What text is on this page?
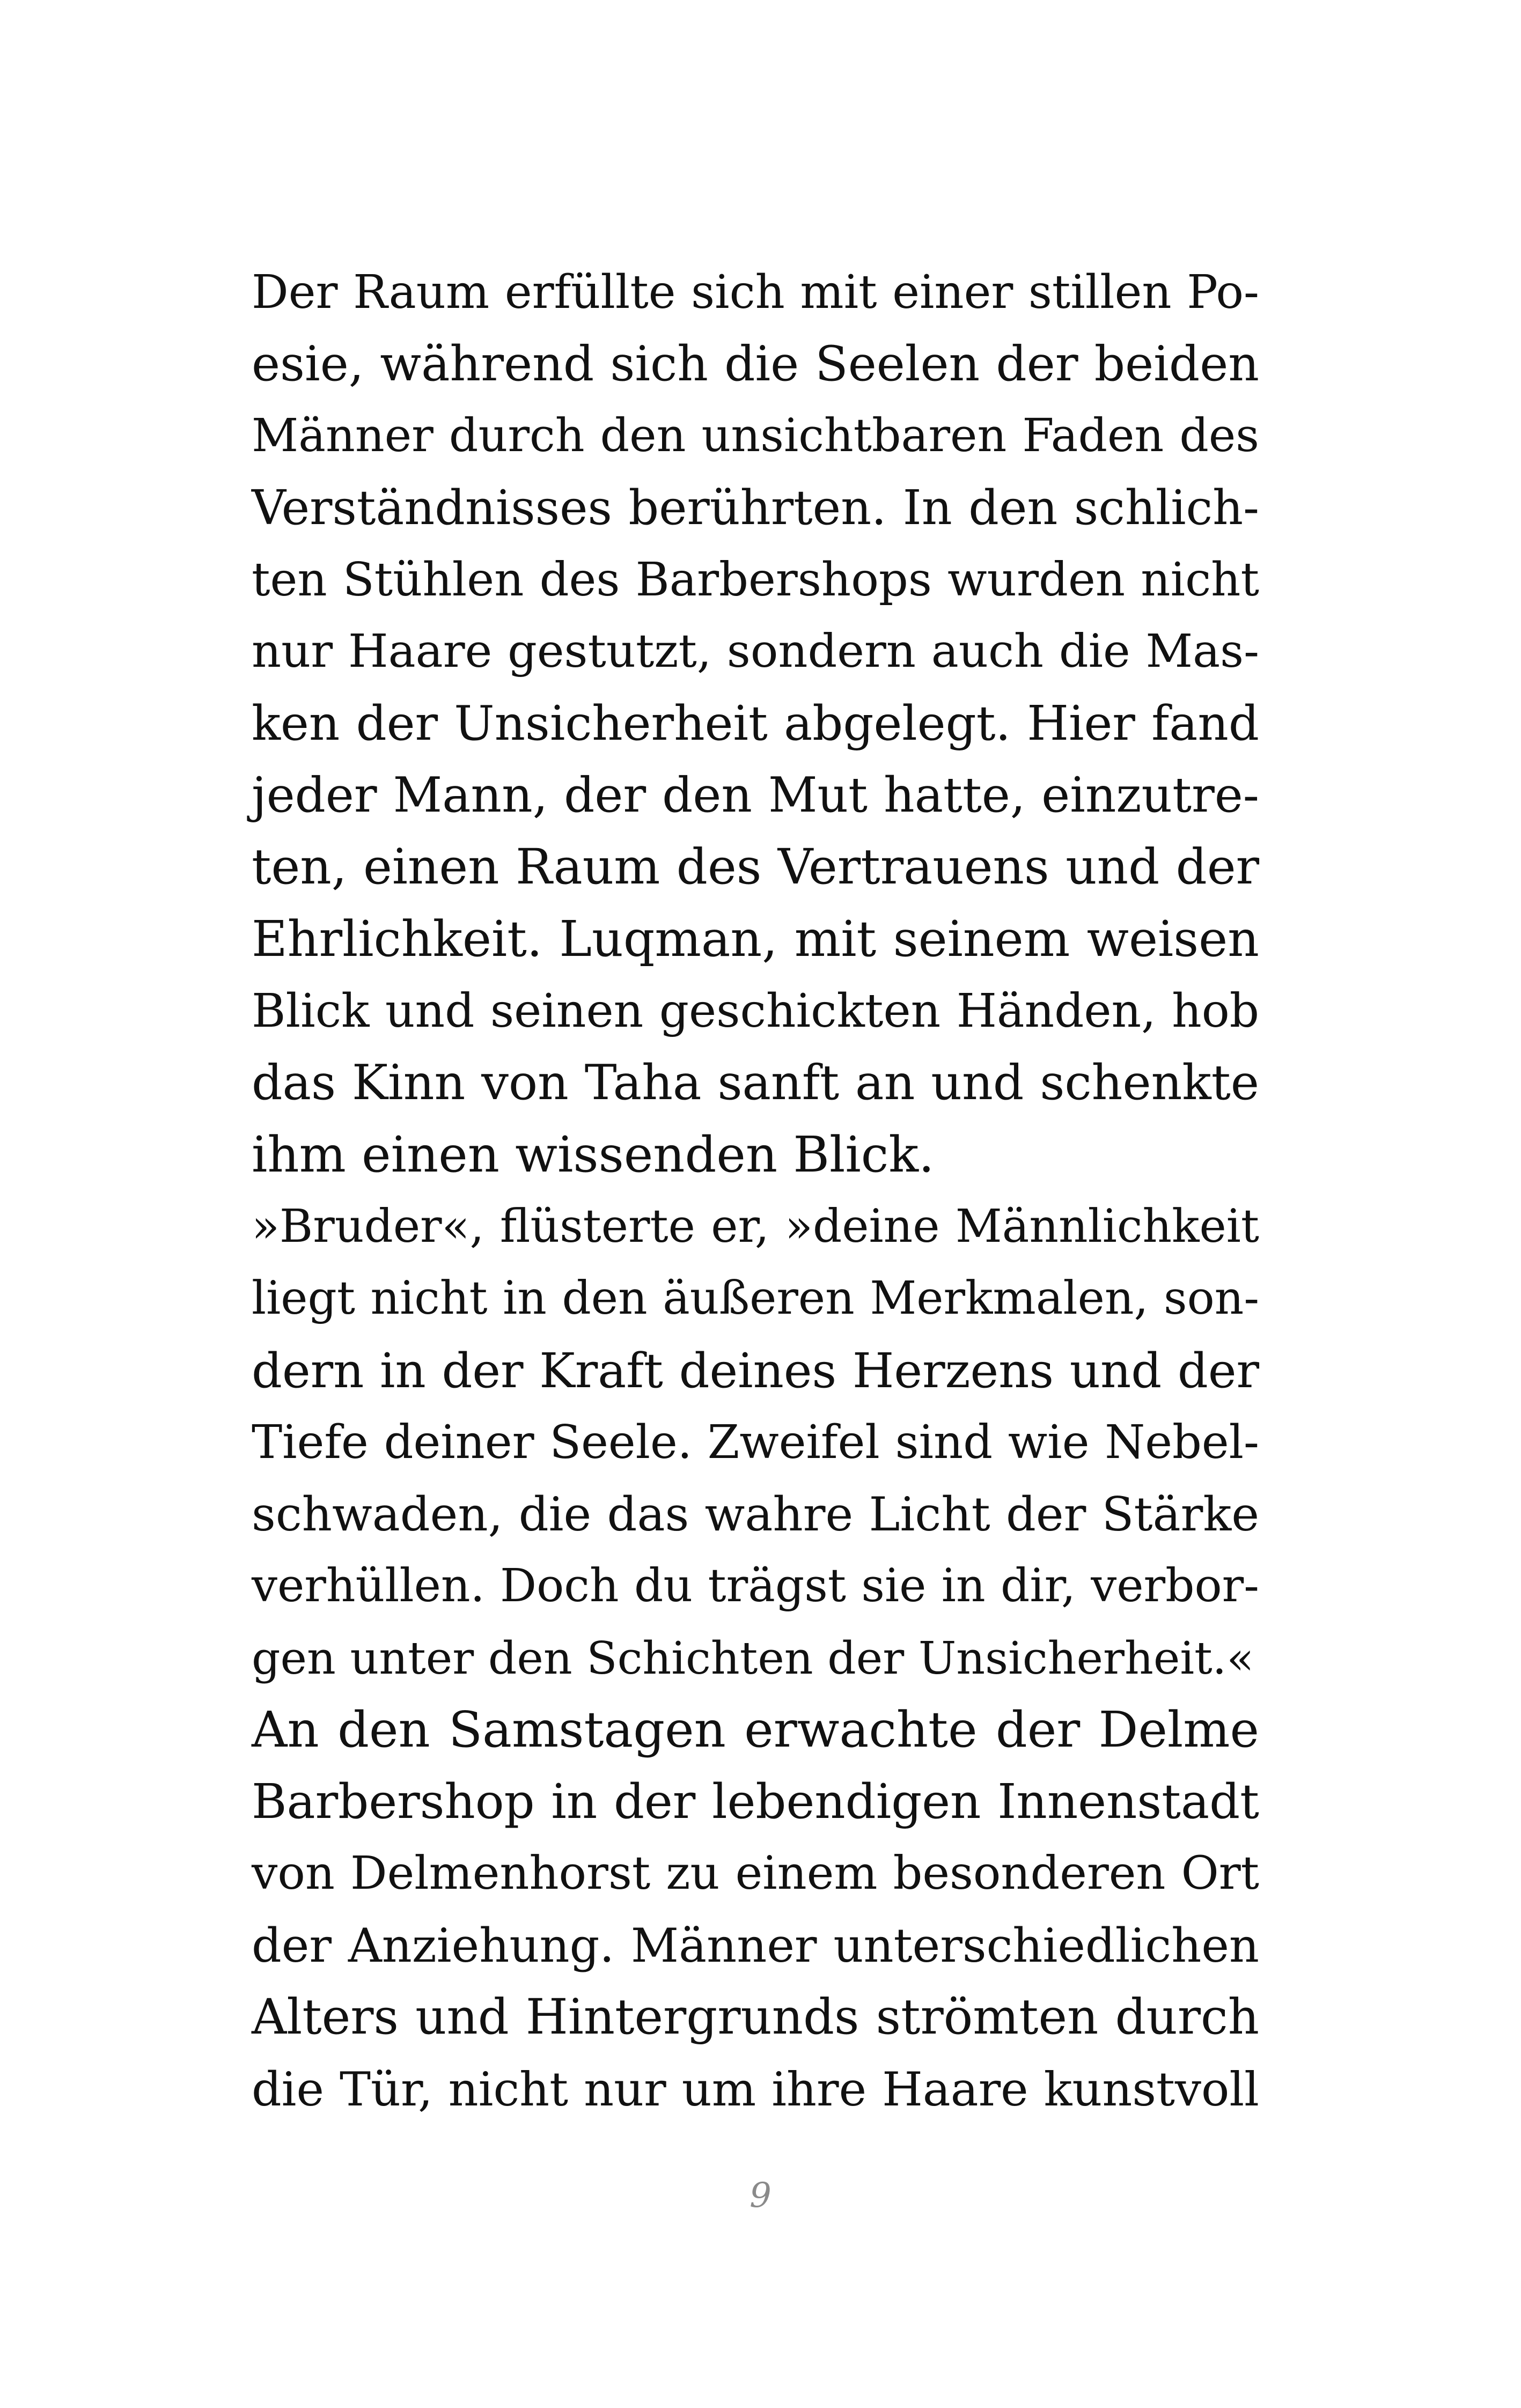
Der Raum erfüllte sich mit einer stillen Po-
esie, während sich die Seelen der beiden
Männer durch den unsichtbaren Faden des
Verständnisses berührten. In den schlich-
ten Stühlen des Barbershops wurden nicht
nur Haare gestutzt, sondern auch die Mas-
ken der Unsicherheit abgelegt. Hier fand
jeder Mann, der den Mut hatte, einzutre-
ten, einen Raum des Vertrauens und der
Ehrlichkeit. Luqman, mit seinem weisen
Blick und seinen geschickten Händen, hob
das Kinn von Taha sanft an und schenkte
ihm einen wissenden Blick.
»Bruder«, flüsterte er, »deine Männlichkeit
liegt nicht in den äußeren Merkmalen, son-
dern in der Kraft deines Herzens und der
Tiefe deiner Seele. Zweifel sind wie Nebel-
schwaden, die das wahre Licht der Stärke
verhüllen. Doch du trägst sie in dir, verbor-
gen unter den Schichten der Unsicherheit.«
An den Samstagen erwachte der Delme
Barbershop in der lebendigen Innenstadt
von Delmenhorst zu einem besonderen Ort
der Anziehung. Männer unterschiedlichen
Alters und Hintergrunds strömten durch
die Tür, nicht nur um ihre Haare kunstvoll
9
